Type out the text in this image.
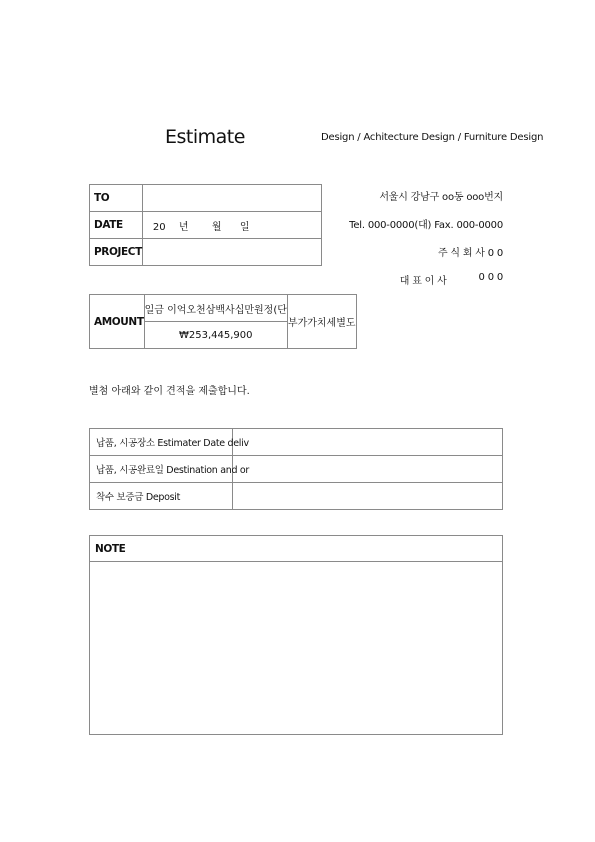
Estimate	Design / Achitecture Design / Furniture Design
TO	
DATE	20 년 월 일
PROJECT	
서울시 강남구 oo동 ooo번지
Tel. 000-0000(대) Fax. 000-0000
주 식 회 사 0 0
대 표 이 사	0 0 0
AMOUNT	일금 이억오천삼백사십만원정(단	부가가치세별도
₩253,445,900
별첨 아래와 같이 견적을 제출합니다.
납품, 시공장소 Estimater Date deliv	
납품, 시공완료일 Destination and or	
착수 보증금 Deposit	
NOTE
